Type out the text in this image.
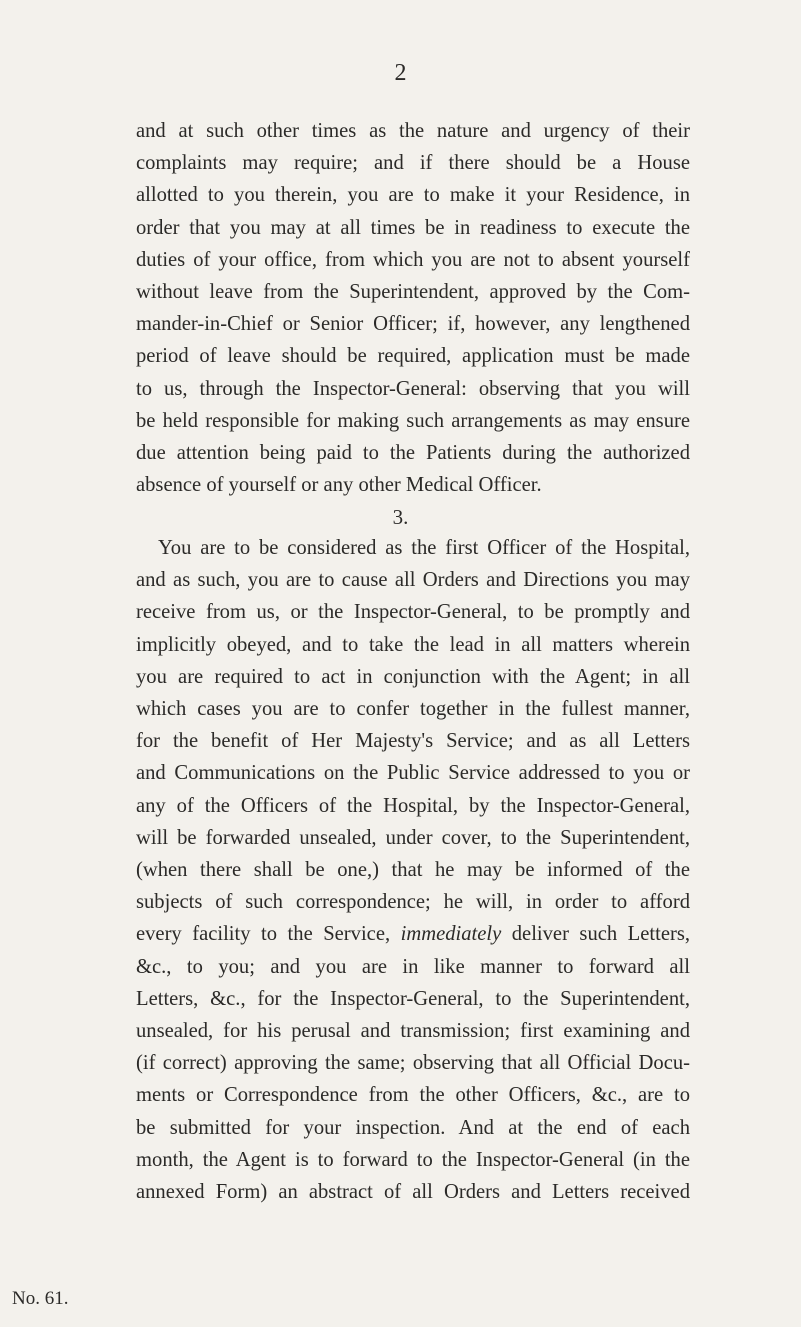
2
and at such other times as the nature and urgency of their
complaints may require; and if there should be a House
allotted to you therein, you are to make it your Residence, in
order that you may at all times be in readiness to execute the
duties of your office, from which you are not to absent yourself
without leave from the Superintendent, approved by the Com-
mander-in-Chief or Senior Officer; if, however, any lengthened
period of leave should be required, application must be made
to us, through the Inspector-General: observing that you will
be held responsible for making such arrangements as may ensure
due attention being paid to the Patients during the authorized
absence of yourself or any other Medical Officer.
3.
You are to be considered as the first Officer of the Hospital,
and as such, you are to cause all Orders and Directions you may
receive from us, or the Inspector-General, to be promptly and
implicitly obeyed, and to take the lead in all matters wherein
you are required to act in conjunction with the Agent; in all
which cases you are to confer together in the fullest manner,
for the benefit of Her Majesty's Service; and as all Letters
and Communications on the Public Service addressed to you or
any of the Officers of the Hospital, by the Inspector-General,
will be forwarded unsealed, under cover, to the Superintendent,
(when there shall be one,) that he may be informed of the
subjects of such correspondence; he will, in order to afford
every facility to the Service, immediately deliver such Letters,
&c., to you; and you are in like manner to forward all
Letters, &c., for the Inspector-General, to the Superintendent,
unsealed, for his perusal and transmission; first examining and
(if correct) approving the same; observing that all Official Docu-
ments or Correspondence from the other Officers, &c., are to
be submitted for your inspection. And at the end of each
month, the Agent is to forward to the Inspector-General (in the
annexed Form) an abstract of all Orders and Letters received
No. 61.
